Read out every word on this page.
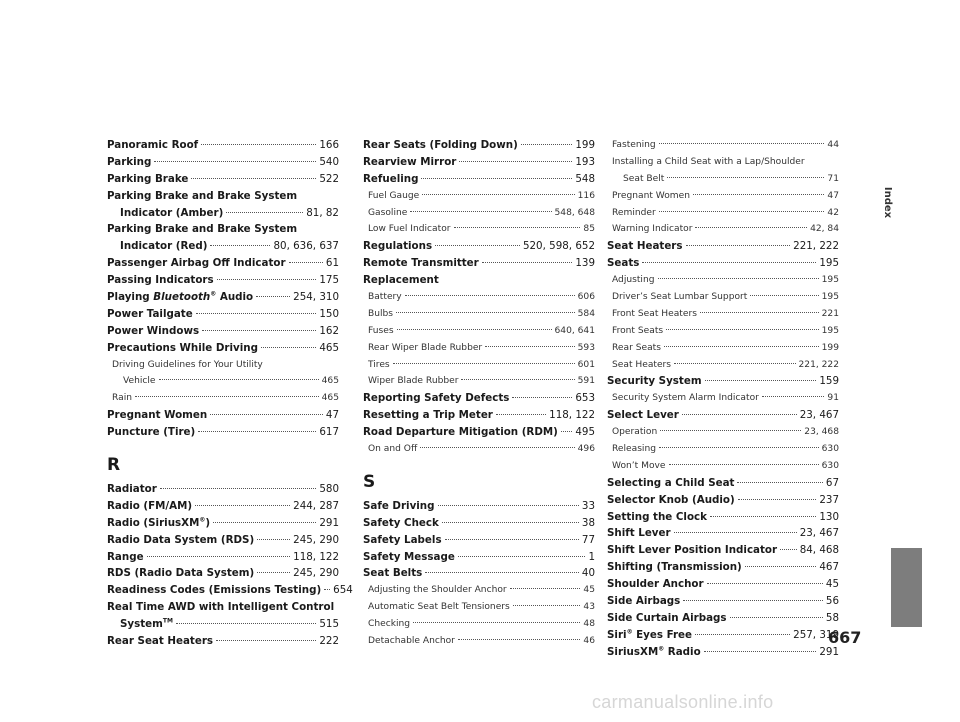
Panoramic Roof	166
Parking	540
Parking Brake	522
Parking Brake and Brake System
Indicator (Amber)	81, 82
Parking Brake and Brake System
Indicator (Red)	80, 636, 637
Passenger Airbag Off Indicator	61
Passing Indicators	175
Playing Bluetooth® Audio	254, 310
Power Tailgate	150
Power Windows	162
Precautions While Driving	465
Driving Guidelines for Your Utility
Vehicle	465
Rain	465
Pregnant Women	47
Puncture (Tire)	617
R
Radiator	580
Radio (FM/AM)	244, 287
Radio (SiriusXM®)	291
Radio Data System (RDS)	245, 290
Range	118, 122
RDS (Radio Data System)	245, 290
Readiness Codes (Emissions Testing) 654
Real Time AWD with Intelligent Control
System™	515
Rear Seat Heaters	222
Rear Seats (Folding Down)	199
Rearview Mirror	193
Refueling	548
Fuel Gauge	116
Gasoline	548, 648
Low Fuel Indicator	85
Regulations	520, 598, 652
Remote Transmitter	139
Replacement
Battery	606
Bulbs	584
Fuses	640, 641
Rear Wiper Blade Rubber	593
Tires	601
Wiper Blade Rubber	591
Reporting Safety Defects	653
Resetting a Trip Meter	118, 122
Road Departure Mitigation (RDM) 495
On and Off	496
S
Safe Driving	33
Safety Check	38
Safety Labels	77
Safety Message	1
Seat Belts	40
Adjusting the Shoulder Anchor	45
Automatic Seat Belt Tensioners	43
Checking	48
Detachable Anchor	46
Fastening	44
Installing a Child Seat with a Lap/Shoulder
Seat Belt	71
Pregnant Women	47
Reminder	42
Warning Indicator	42, 84
Seat Heaters	221, 222
Seats	195
Adjusting	195
Driver’s Seat Lumbar Support	195
Front Seat Heaters	221
Front Seats	195
Rear Seats	199
Seat Heaters	221, 222
Security System	159
Security System Alarm Indicator	91
Select Lever	23, 467
Operation	23, 468
Releasing	630
Won’t Move	630
Selecting a Child Seat	67
Selector Knob (Audio)	237
Setting the Clock	130
Shift Lever	23, 467
Shift Lever Position Indicator 84, 468
Shifting (Transmission)	467
Shoulder Anchor	45
Side Airbags	56
Side Curtain Airbags	58
Siri® Eyes Free	257, 319
SiriusXM® Radio	291
Index
667
carmanualsonline.info
